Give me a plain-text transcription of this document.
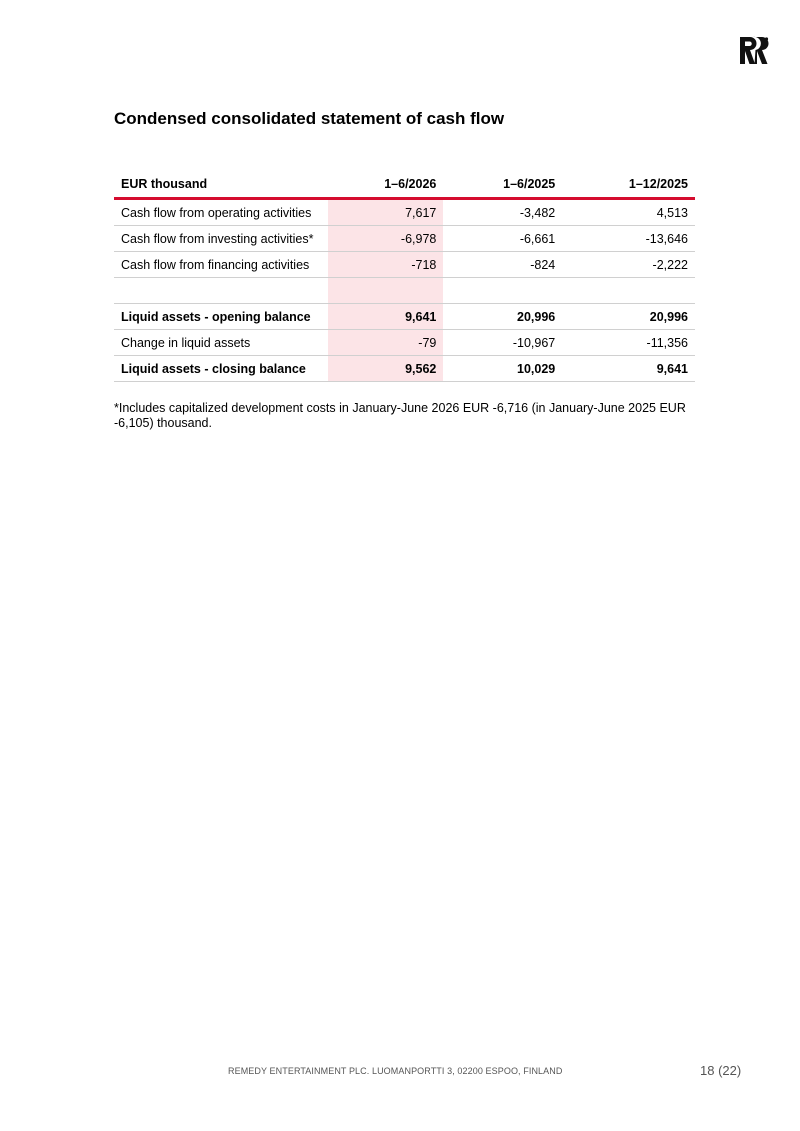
Condensed consolidated statement of cash flow
EUR thousand	1–6/2026	1–6/2025	1–12/2025
Cash flow from operating activities	7,617	-3,482	4,513
Cash flow from investing activities*	-6,978	-6,661	-13,646
Cash flow from financing activities	-718	-824	-2,222

Liquid assets - opening balance	9,641	20,996	20,996
Change in liquid assets	-79	-10,967	-11,356
Liquid assets - closing balance	9,562	10,029	9,641

*Includes capitalized development costs in January-June 2026 EUR -6,716 (in January-June 2025 EUR -6,105) thousand.

REMEDY ENTERTAINMENT PLC. LUOMANPORTTI 3, 02200 ESPOO, FINLAND	18 (22)
